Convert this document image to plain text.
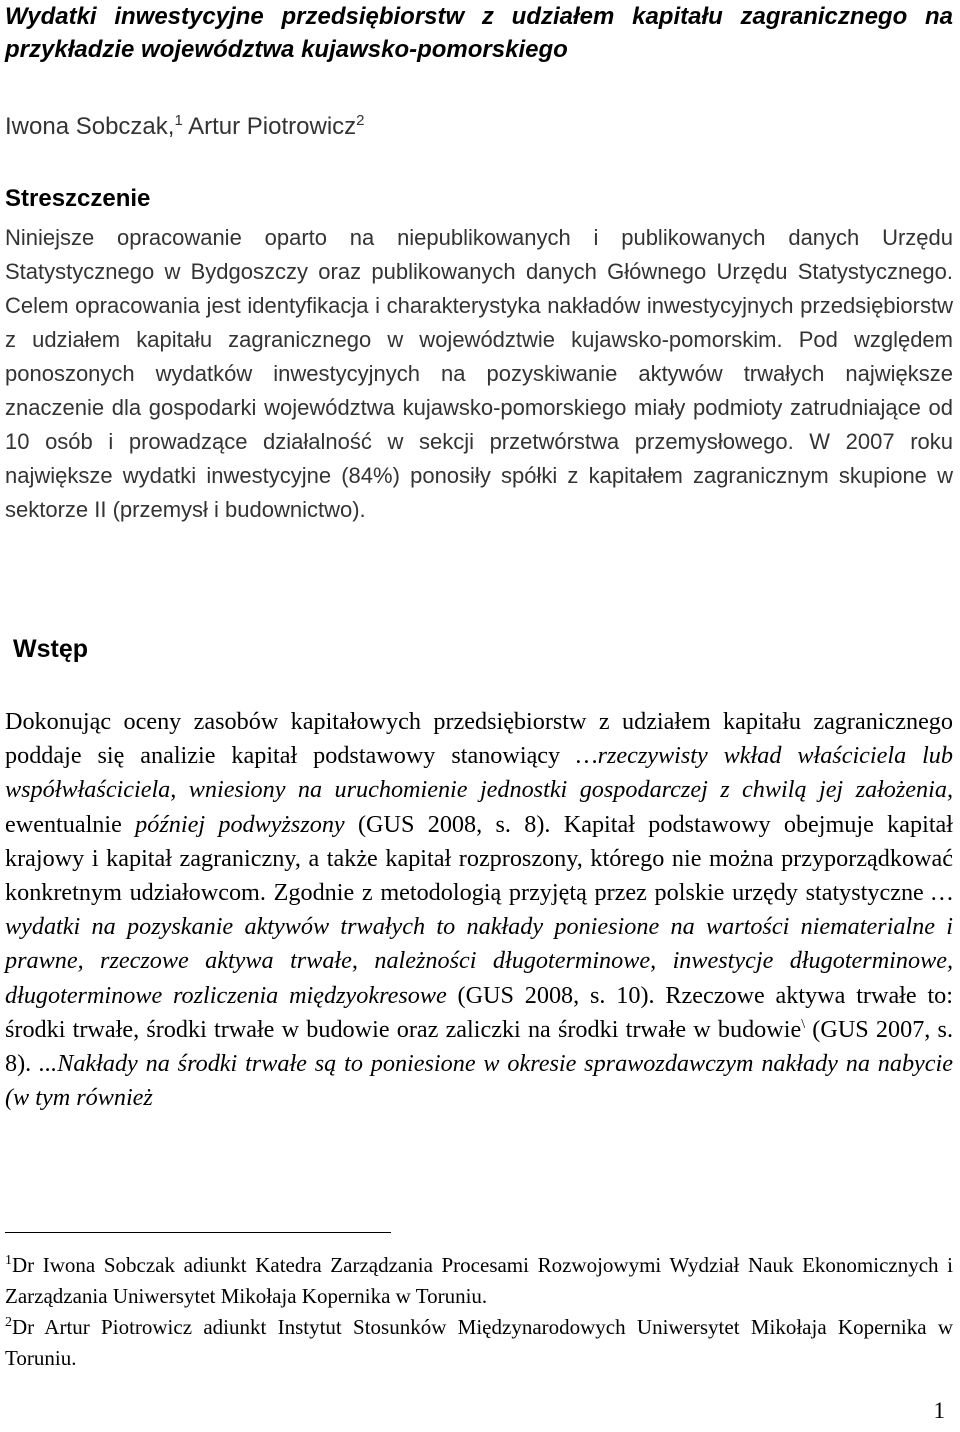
Wydatki inwestycyjne przedsiębiorstw z udziałem kapitału zagranicznego na przykładzie województwa kujawsko-pomorskiego
Iwona Sobczak,$^1$ Artur Piotrowicz$^2$
Streszczenie
Niniejsze opracowanie oparto na niepublikowanych i publikowanych danych Urzędu Statystycznego w Bydgoszczy oraz publikowanych danych Głównego Urzędu Statystycznego. Celem opracowania jest identyfikacja i charakterystyka nakładów inwestycyjnych przedsiębiorstw z udziałem kapitału zagranicznego w województwie kujawsko-pomorskim. Pod względem ponoszonych wydatków inwestycyjnych na pozyskiwanie aktywów trwałych największe znaczenie dla gospodarki województwa kujawsko-pomorskiego miały podmioty zatrudniające od 10 osób i prowadzące działalność w sekcji przetwórstwa przemysłowego. W 2007 roku największe wydatki inwestycyjne (84%) ponosiły spółki z kapitałem zagranicznym skupione w sektorze II (przemysł i budownictwo).
Wstęp
Dokonując oceny zasobów kapitałowych przedsiębiorstw z udziałem kapitału zagranicznego poddaje się analizie kapitał podstawowy stanowiący …rzeczywisty wkład właściciela lub współwłaściciela, wniesiony na uruchomienie jednostki gospodarczej z chwilą jej założenia, ewentualnie później podwyższony (GUS 2008, s. 8). Kapitał podstawowy obejmuje kapitał krajowy i kapitał zagraniczny, a także kapitał rozproszony, którego nie można przyporządkować konkretnym udziałowcom. Zgodnie z metodologią przyjętą przez polskie urzędy statystyczne … wydatki na pozyskanie aktywów trwałych to nakłady poniesione na wartości niematerialne i prawne, rzeczowe aktywa trwałe, należności długoterminowe, inwestycje długoterminowe, długoterminowe rozliczenia międzyokresowe (GUS 2008, s. 10). Rzeczowe aktywa trwałe to: środki trwałe, środki trwałe w budowie oraz zaliczki na środki trwałe w budowie\ (GUS 2007, s. 8). ...Nakłady na środki trwałe są to poniesione w okresie sprawozdawczym nakłady na nabycie (w tym również

$^1$Dr Iwona Sobczak adiunkt Katedra Zarządzania Procesami Rozwojowymi Wydział Nauk Ekonomicznych i Zarządzania Uniwersytet Mikołaja Kopernika w Toruniu.

$^2$Dr Artur Piotrowicz adiunkt Instytut Stosunków Międzynarodowych Uniwersytet Mikołaja Kopernika w Toruniu.

1
